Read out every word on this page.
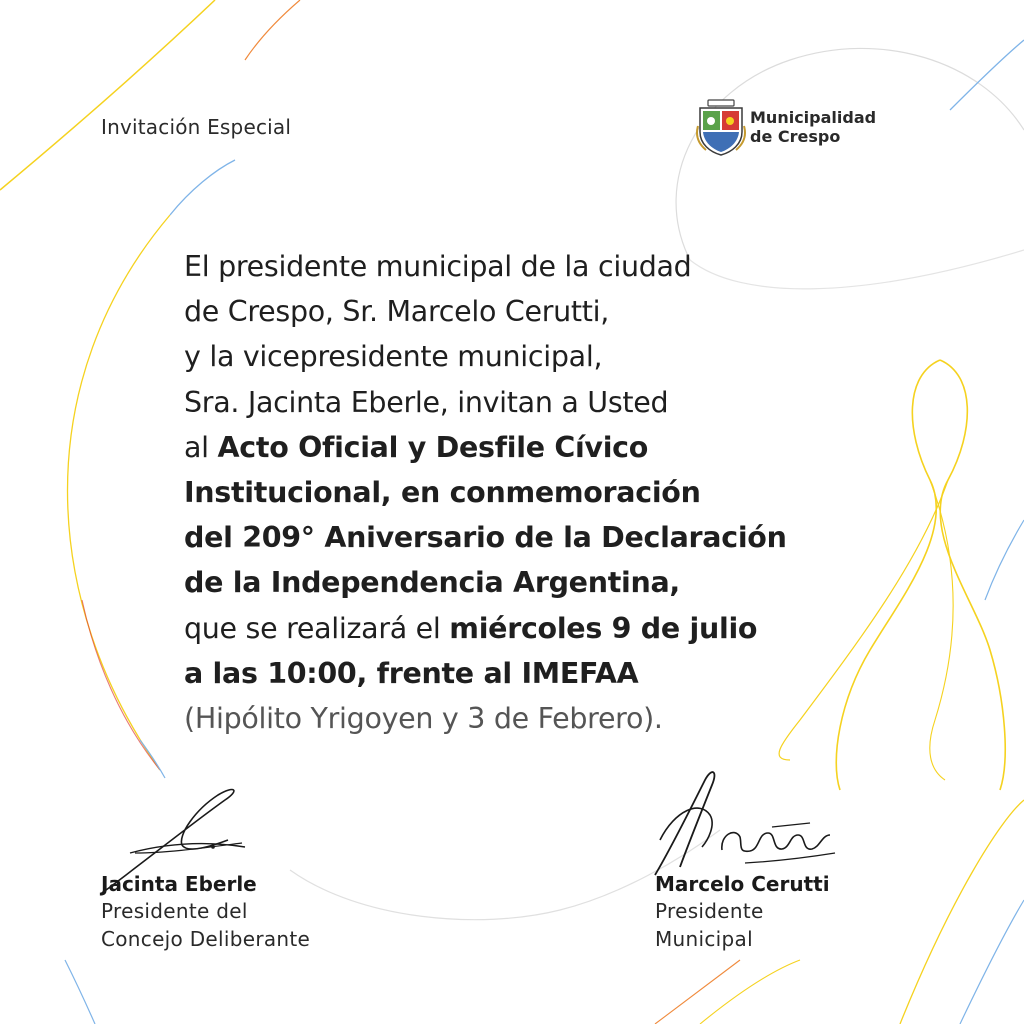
Invitación Especial	Municipalidad
de Crespo
El presidente municipal de la ciudad
de Crespo, Sr. Marcelo Cerutti,
y la vicepresidente municipal,
Sra. Jacinta Eberle, invitan a Usted
al Acto Oficial y Desfile Cívico
Institucional, en conmemoración
del 209° Aniversario de la Declaración
de la Independencia Argentina,
que se realizará el miércoles 9 de julio
a las 10:00, frente al IMEFAA
(Hipólito Yrigoyen y 3 de Febrero).
Jacinta Eberle
Presidente del
Concejo Deliberante
Marcelo Cerutti
Presidente
Municipal
